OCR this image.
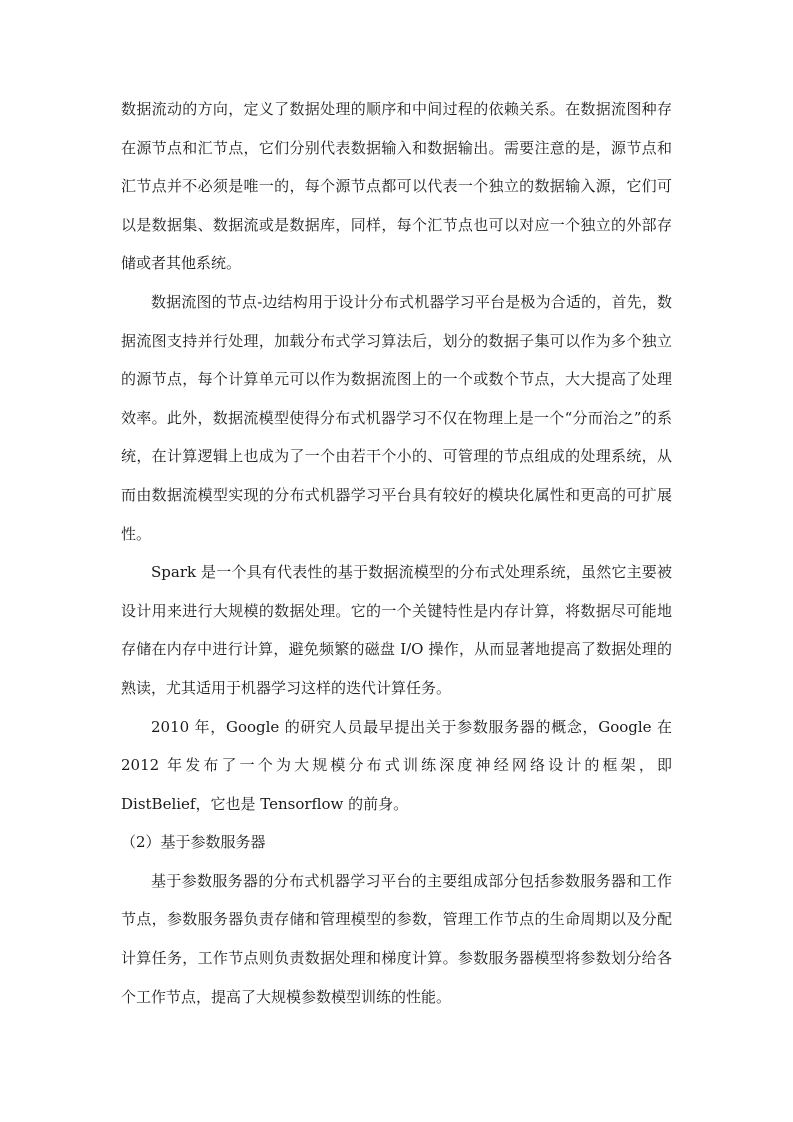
数据流动的方向，定义了数据处理的顺序和中间过程的依赖关系。在数据流图种存在源节点和汇节点，它们分别代表数据输入和数据输出。需要注意的是，源节点和汇节点并不必须是唯一的，每个源节点都可以代表一个独立的数据输入源，它们可以是数据集、数据流或是数据库，同样，每个汇节点也可以对应一个独立的外部存储或者其他系统。

数据流图的节点-边结构用于设计分布式机器学习平台是极为合适的，首先，数据流图支持并行处理，加载分布式学习算法后，划分的数据子集可以作为多个独立的源节点，每个计算单元可以作为数据流图上的一个或数个节点，大大提高了处理效率。此外，数据流模型使得分布式机器学习不仅在物理上是一个“分而治之”的系统，在计算逻辑上也成为了一个由若干个小的、可管理的节点组成的处理系统，从而由数据流模型实现的分布式机器学习平台具有较好的模块化属性和更高的可扩展性。

Spark 是一个具有代表性的基于数据流模型的分布式处理系统，虽然它主要被设计用来进行大规模的数据处理。它的一个关键特性是内存计算，将数据尽可能地存储在内存中进行计算，避免频繁的磁盘 I/O 操作，从而显著地提高了数据处理的熟读，尤其适用于机器学习这样的迭代计算任务。

2010 年，Google 的研究人员最早提出关于参数服务器的概念，Google 在 2012 年发布了一个为大规模分布式训练深度神经网络设计的框架，即 DistBelief，它也是 Tensorflow 的前身。

（2）基于参数服务器

基于参数服务器的分布式机器学习平台的主要组成部分包括参数服务器和工作节点，参数服务器负责存储和管理模型的参数，管理工作节点的生命周期以及分配计算任务，工作节点则负责数据处理和梯度计算。参数服务器模型将参数划分给各个工作节点，提高了大规模参数模型训练的性能。
